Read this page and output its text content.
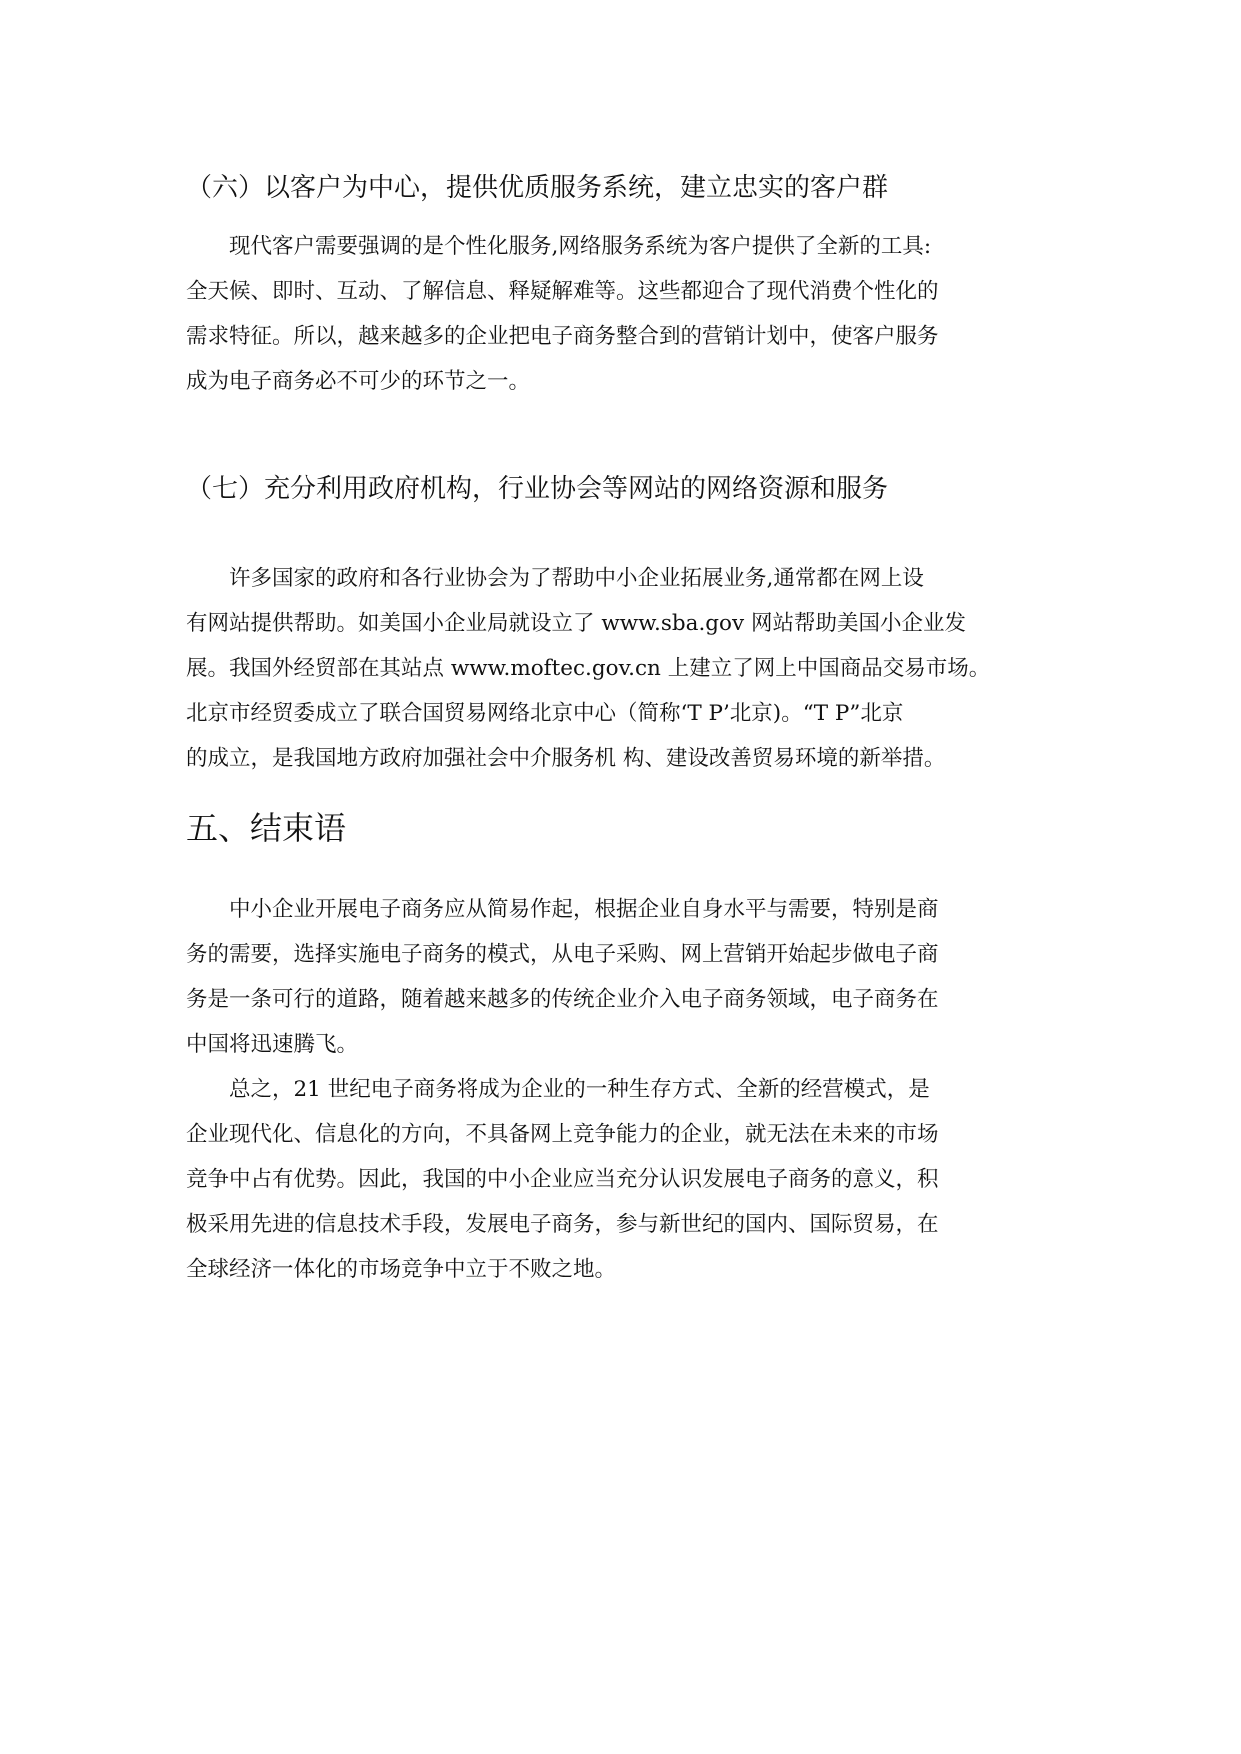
（六）以客户为中心，提供优质服务系统，建立忠实的客户群
　　现代客户需要强调的是个性化服务,网络服务系统为客户提供了全新的工具:
全天候、即时、互动、了解信息、释疑解难等。这些都迎合了现代消费个性化的
需求特征。所以，越来越多的企业把电子商务整合到的营销计划中，使客户服务
成为电子商务必不可少的环节之一。
（七）充分利用政府机构，行业协会等网站的网络资源和服务
　　许多国家的政府和各行业协会为了帮助中小企业拓展业务,通常都在网上设
有网站提供帮助。如美国小企业局就设立了 www.sba.gov 网站帮助美国小企业发
展。我国外经贸部在其站点 www.moftec.gov.cn 上建立了网上中国商品交易市场。
北京市经贸委成立了联合国贸易网络北京中心（简称‘T P’北京)。“T P”北京
的成立，是我国地方政府加强社会中介服务机 构、建设改善贸易环境的新举措。
五、结束语
　　中小企业开展电子商务应从简易作起，根据企业自身水平与需要，特别是商
务的需要，选择实施电子商务的模式，从电子采购、网上营销开始起步做电子商
务是一条可行的道路，随着越来越多的传统企业介入电子商务领域，电子商务在
中国将迅速腾飞。
　　总之，21 世纪电子商务将成为企业的一种生存方式、全新的经营模式，是
企业现代化、信息化的方向，不具备网上竞争能力的企业，就无法在未来的市场
竞争中占有优势。因此，我国的中小企业应当充分认识发展电子商务的意义，积
极采用先进的信息技术手段，发展电子商务，参与新世纪的国内、国际贸易，在
全球经济一体化的市场竞争中立于不败之地。
